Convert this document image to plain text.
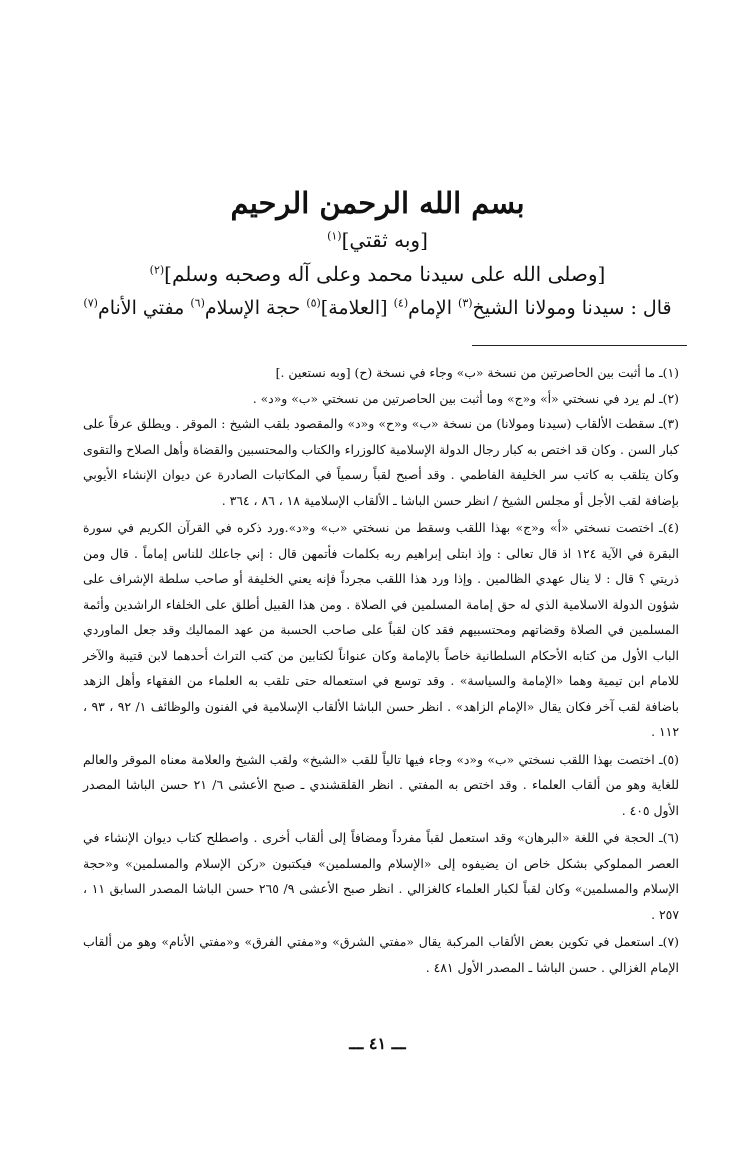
بسم الله الرحمن الرحيم
[وبه ثقتي]$^{(١)}$
[وصلى الله على سيدنا محمد وعلى آله وصحبه وسلم]$^{(٢)}$
قال : سيدنا ومولانا الشيخ$^{(٣)}$ الإمام$^{(٤)}$ [العلامة]$^{(٥)}$ حجة الإسلام$^{(٦)}$ مفتي الأنام$^{(٧)}$

(١)ـ ما أثبت بين الحاصرتين من نسخة «ب» وجاء في نسخة (ح) [وبه نستعين .]

(٢)ـ لم يرد في نسختي «أ» و«ج» وما أثبت بين الحاصرتين من نسختي «ب» و«د» .

(٣)ـ سقطت الألقاب (سيدنا ومولانا) من نسخة «ب» و«ح» و«د» والمقصود بلقب الشيخ : الموقر . ويطلق عرفاً على كبار السن . وكان قد اختص به كبار رجال الدولة الإسلامية كالوزراء والكتاب والمحتسبين والقضاة وأهل الصلاح والتقوى وكان يتلقب به كاتب سر الخليفة الفاطمي . وقد أصبح لقباً رسمياً في المكاتبات الصادرة عن ديوان الإنشاء الأيوبي بإضافة لقب الأجل أو مجلس الشيخ / انظر حسن الباشا ـ الألقاب الإسلامية ١٨ ، ٨٦ ، ٣٦٤ .

(٤)ـ اختصت نسختي «أ» و«ج» بهذا اللقب وسقط من نسختي «ب» و«د».ورد ذكره في القرآن الكريم في سورة البقرة في الآية ١٢٤ اذ قال تعالى : وإذ ابتلى إبراهيم ربه بكلمات فأتمهن قال : إني جاعلك للناس إماماً . قال ومن ذريتي ؟ قال : لا ينال عهدي الظالمين . وإذا ورد هذا اللقب مجرداً فإنه يعني الخليفة أو صاحب سلطة الإشراف على شؤون الدولة الاسلامية الذي له حق إمامة المسلمين في الصلاة . ومن هذا القبيل أطلق على الخلفاء الراشدين وأئمة المسلمين في الصلاة وقضاتهم ومحتسبيهم فقد كان لقباً على صاحب الحسبة من عهد المماليك وقد جعل الماوردي الباب الأول من كتابه الأحكام السلطانية خاصاً بالإمامة وكان عنواناً لكتابين من كتب التراث أحدهما لابن قتيبة والآخر للامام ابن تيمية وهما «الإمامة والسياسة» . وقد توسع في استعماله حتى تلقب به العلماء من الفقهاء وأهل الزهد باضافة لقب آخر فكان يقال «الإمام الزاهد» . انظر حسن الباشا الألقاب الإسلامية في الفنون والوظائف ١/ ٩٢ ، ٩٣ ، ١١٢ .

(٥)ـ اختصت بهذا اللقب نسختي «ب» و«د» وجاء فيها تالياً للقب «الشيخ» ولقب الشيخ والعلامة معناه الموقر والعالم للغاية وهو من ألقاب العلماء . وقد اختص به المفتي . انظر القلقشندي ـ صبح الأعشى ٦/ ٢١ حسن الباشا المصدر الأول ٤٠٥ .

(٦)ـ الحجة في اللغة «البرهان» وقد استعمل لقباً مفرداً ومضافاً إلى ألقاب أخرى . واصطلح كتاب ديوان الإنشاء في العصر المملوكي بشكل خاص ان يضيفوه إلى «الإسلام والمسلمين» فيكتبون «ركن الإسلام والمسلمين» و«حجة الإسلام والمسلمين» وكان لقباً لكبار العلماء كالغزالي . انظر صبح الأعشى ٩/ ٢٦٥ حسن الباشا المصدر السابق ١١ ، ٢٥٧ .

(٧)ـ استعمل في تكوين بعض الألقاب المركبة يقال «مفتي الشرق» و«مفتي الفرق» و«مفتي الأنام» وهو من ألقاب الإمام الغزالي . حسن الباشا ـ المصدر الأول ٤٨١ .

ـــ ٤١ ـــ
